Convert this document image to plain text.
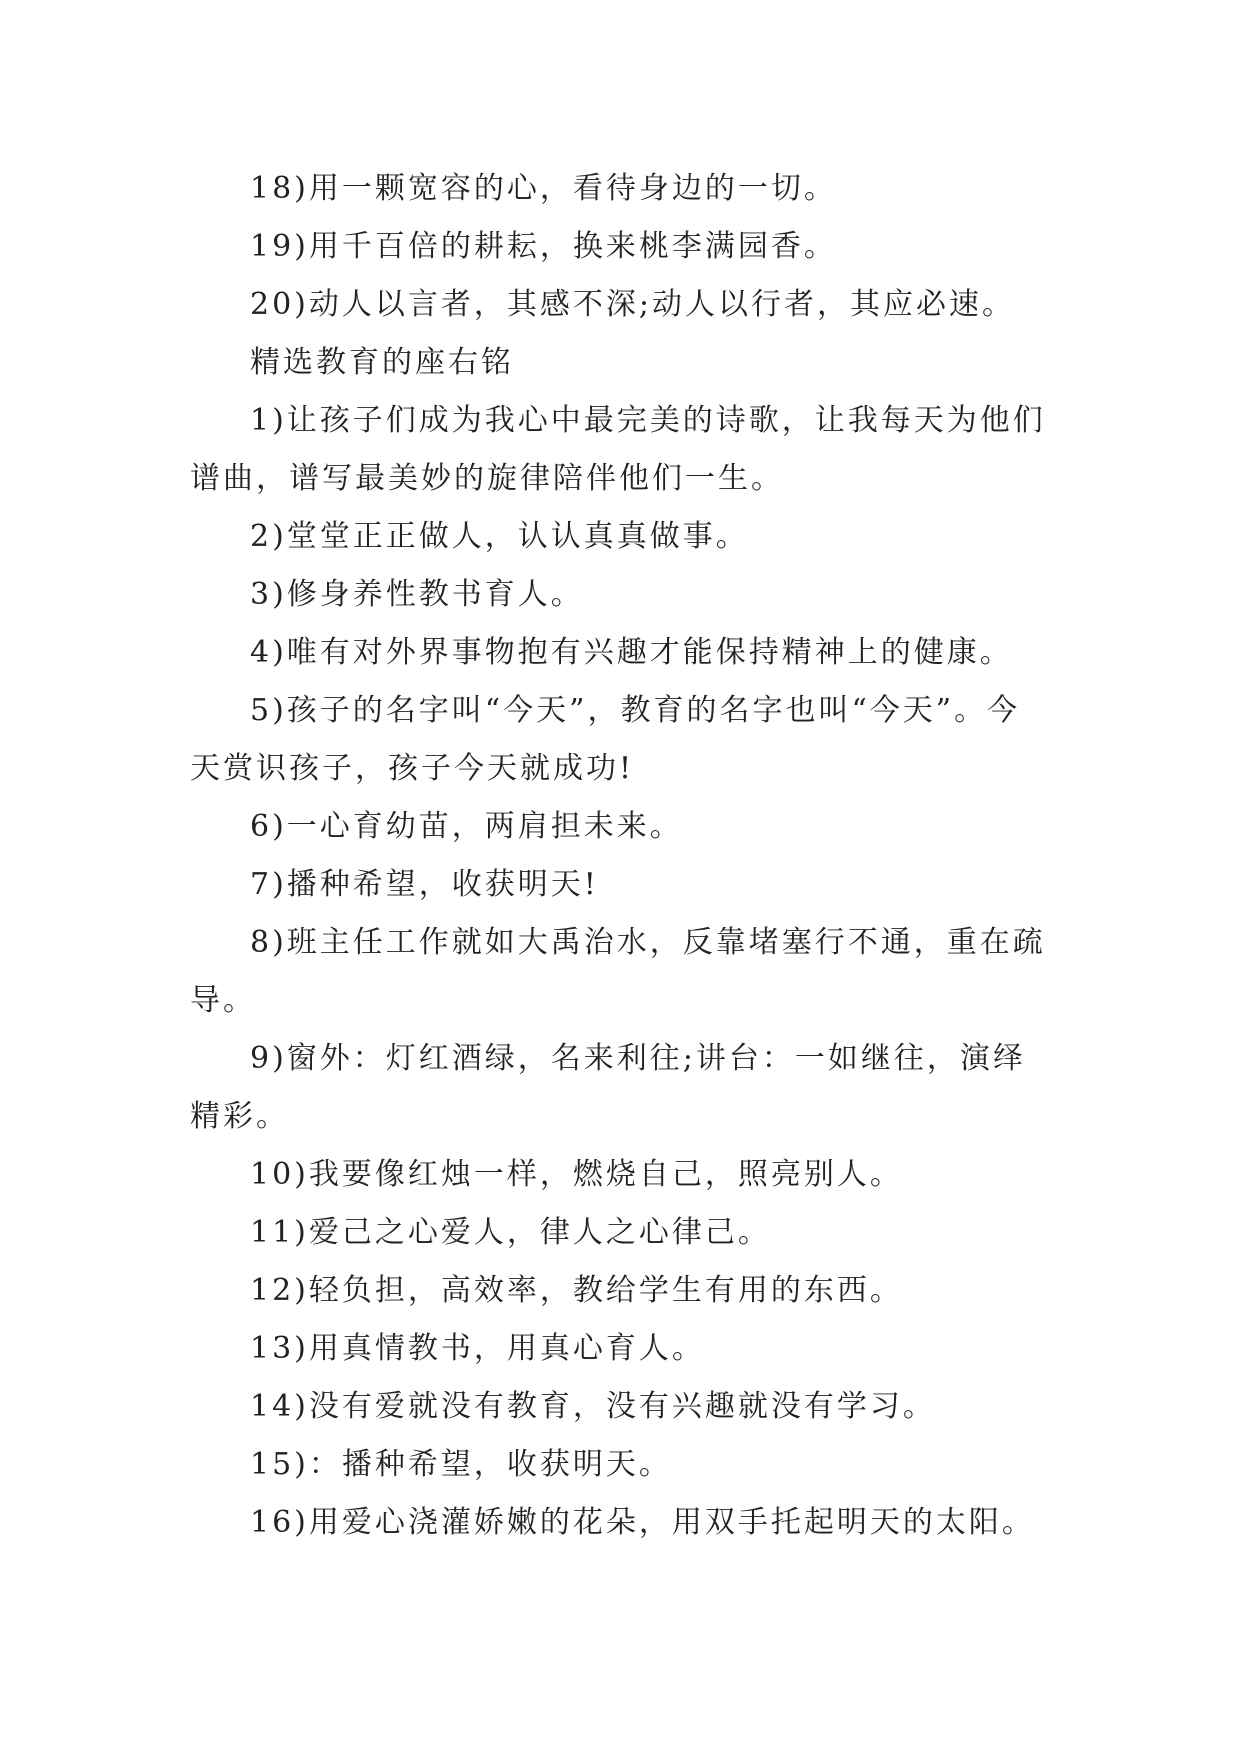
18)用一颗宽容的心，看待身边的一切。

19)用千百倍的耕耘，换来桃李满园香。

20)动人以言者，其感不深;动人以行者，其应必速。

精选教育的座右铭

1)让孩子们成为我心中最完美的诗歌，让我每天为他们谱曲，谱写最美妙的旋律陪伴他们一生。

2)堂堂正正做人，认认真真做事。

3)修身养性教书育人。

4)唯有对外界事物抱有兴趣才能保持精神上的健康。

5)孩子的名字叫“今天”，教育的名字也叫“今天”。今天赏识孩子，孩子今天就成功!

6)一心育幼苗，两肩担未来。

7)播种希望，收获明天!

8)班主任工作就如大禹治水，反靠堵塞行不通，重在疏导。

9)窗外：灯红酒绿，名来利往;讲台：一如继往，演绎精彩。

10)我要像红烛一样，燃烧自己，照亮别人。

11)爱己之心爱人，律人之心律己。

12)轻负担，高效率，教给学生有用的东西。

13)用真情教书，用真心育人。

14)没有爱就没有教育，没有兴趣就没有学习。

15)：播种希望，收获明天。

16)用爱心浇灌娇嫩的花朵，用双手托起明天的太阳。
